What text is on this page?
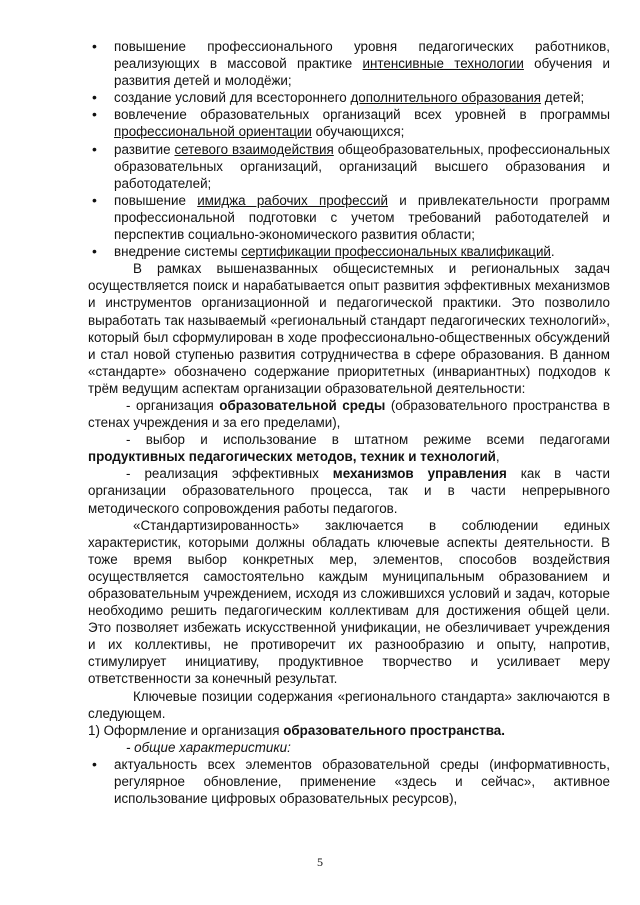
• повышение профессионального уровня педагогических работников, реализующих в массовой практике интенсивные технологии обучения и развития детей и молодёжи;
• создание условий для всестороннего дополнительного образования детей;
• вовлечение образовательных организаций всех уровней в программы профессиональной ориентации обучающихся;
• развитие сетевого взаимодействия общеобразовательных, профессиональных образовательных организаций, организаций высшего образования и работодателей;
• повышение имиджа рабочих профессий и привлекательности программ профессиональной подготовки с учетом требований работодателей и перспектив социально-экономического развития области;
• внедрение системы сертификации профессиональных квалификаций.

В рамках вышеназванных общесистемных и региональных задач осуществляется поиск и нарабатывается опыт развития эффективных механизмов и инструментов организационной и педагогической практики. Это позволило выработать так называемый «региональный стандарт педагогических технологий», который был сформулирован в ходе профессионально-общественных обсуждений и стал новой ступенью развития сотрудничества в сфере образования. В данном «стандарте» обозначено содержание приоритетных (инвариантных) подходов к трём ведущим аспектам организации образовательной деятельности:

- организация образовательной среды (образовательного пространства в стенах учреждения и за его пределами),

- выбор и использование в штатном режиме всеми педагогами продуктивных педагогических методов, техник и технологий,

- реализация эффективных механизмов управления как в части организации образовательного процесса, так и в части непрерывного методического сопровождения работы педагогов.

«Стандартизированность» заключается в соблюдении единых характеристик, которыми должны обладать ключевые аспекты деятельности. В тоже время выбор конкретных мер, элементов, способов воздействия осуществляется самостоятельно каждым муниципальным образованием и образовательным учреждением, исходя из сложившихся условий и задач, которые необходимо решить педагогическим коллективам для достижения общей цели. Это позволяет избежать искусственной унификации, не обезличивает учреждения и их коллективы, не противоречит их разнообразию и опыту, напротив, стимулирует инициативу, продуктивное творчество и усиливает меру ответственности за конечный результат.

Ключевые позиции содержания «регионального стандарта» заключаются в следующем.

1) Оформление и организация образовательного пространства.

- общие характеристики:

• актуальность всех элементов образовательной среды (информативность, регулярное обновление, применение «здесь и сейчас», активное использование цифровых образовательных ресурсов),
5
